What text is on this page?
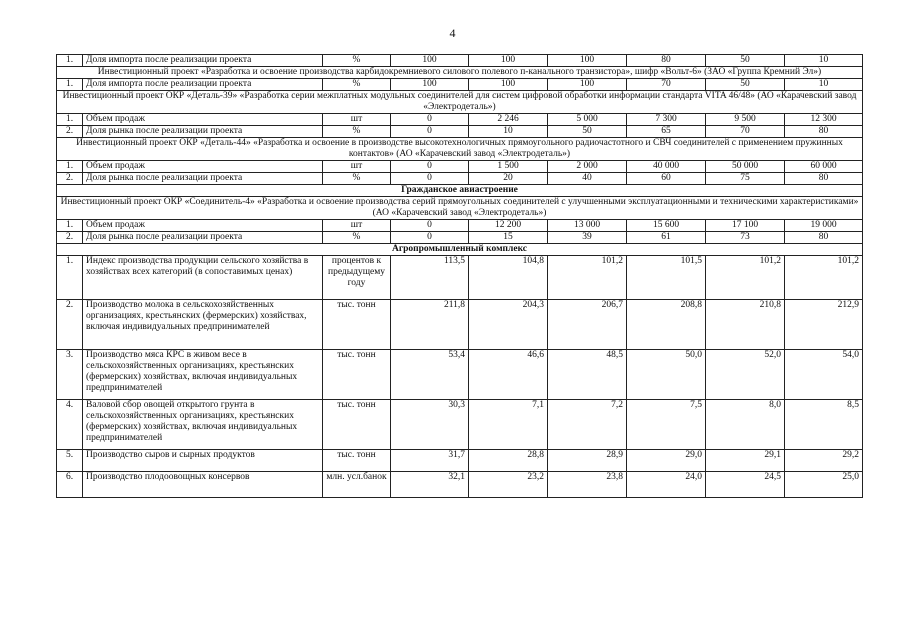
4
1.	Доля импорта после реализации проекта	%	100	100	100	80	50	10
Инвестиционный проект «Разработка и освоение производства карбидокремниевого силового полевого п-канального транзистора», шифр «Вольт-6» (ЗАО «Группа Кремний Эл»)								
1.	Доля импорта после реализации проекта	%	100	100	100	70	50	10
Инвестиционный проект ОКР «Деталь-39» «Разработка серии межплатных модульных соединителей для систем цифровой обработки информации стандарта VITA 46/48» (АО «Карачевский завод «Электродеталь»)								
1.	Объем продаж	шт	0	2 246	5 000	7 300	9 500	12 300
2.	Доля рынка после реализации проекта	%	0	10	50	65	70	80
Инвестиционный проект ОКР «Деталь-44» «Разработка и освоение в производстве высокотехнологичных прямоугольного радиочастотного и СВЧ соединителей с применением пружинных контактов» (АО «Карачевский завод «Электродеталь»)								
1.	Объем продаж	шт	0	1 500	2 000	40 000	50 000	60 000
2.	Доля рынка после реализации проекта	%	0	20	40	60	75	80
Гражданское авиастроение								
Инвестиционный проект ОКР «Соединитель-4» «Разработка и освоение производства серий прямоугольных соединителей с улучшенными эксплуатационными и техническими характеристиками» (АО «Карачевский завод «Электродеталь»)								
1.	Объем продаж	шт	0	12 200	13 000	15 600	17 100	19 000
2.	Доля рынка после реализации проекта	%	0	15	39	61	73	80
Агропромышленный комплекс								
1.	Индекс производства продукции сельского хозяйства в хозяйствах всех категорий (в сопоставимых ценах)	процентов к предыдущему году	113,5	104,8	101,2	101,5	101,2	101,2
2.	Производство молока в сельскохозяйственных организациях, крестьянских (фермерских) хозяйствах, включая индивидуальных предпринимателей	тыс. тонн	211,8	204,3	206,7	208,8	210,8	212,9
3.	Производство мяса КРС в живом весе в сельскохозяйственных организациях, крестьянских (фермерских) хозяйствах, включая индивидуальных предпринимателей	тыс. тонн	53,4	46,6	48,5	50,0	52,0	54,0
4.	Валовой сбор овощей открытого грунта в сельскохозяйственных организациях, крестьянских (фермерских) хозяйствах, включая индивидуальных предпринимателей	тыс. тонн	30,3	7,1	7,2	7,5	8,0	8,5
5.	Производство сыров и сырных продуктов	тыс. тонн	31,7	28,8	28,9	29,0	29,1	29,2
6.	Производство плодоовощных консервов	млн. усл.банок	32,1	23,2	23,8	24,0	24,5	25,0
